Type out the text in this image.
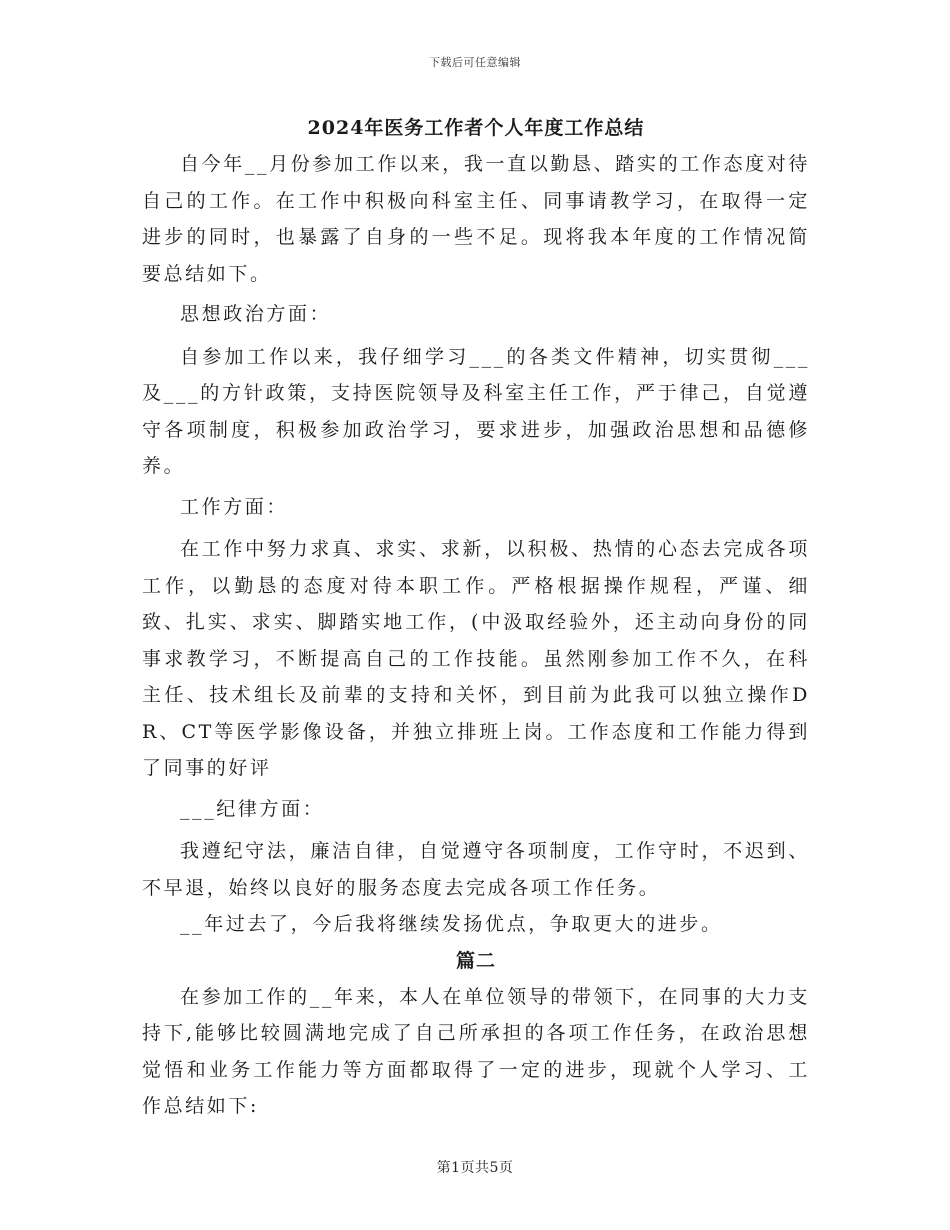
下载后可任意编辑
2024年医务工作者个人年度工作总结

自今年__月份参加工作以来，我一直以勤恳、踏实的工作态度对待自己的工作。在工作中积极向科室主任、同事请教学习，在取得一定进步的同时，也暴露了自身的一些不足。现将我本年度的工作情况简要总结如下。

思想政治方面：

自参加工作以来，我仔细学习___的各类文件精神，切实贯彻___及___的方针政策，支持医院领导及科室主任工作，严于律己，自觉遵守各项制度，积极参加政治学习，要求进步，加强政治思想和品德修养。

工作方面：

在工作中努力求真、求实、求新，以积极、热情的心态去完成各项工作，以勤恳的态度对待本职工作。严格根据操作规程，严谨、细致、扎实、求实、脚踏实地工作，(中汲取经验外，还主动向身份的同事求教学习，不断提高自己的工作技能。虽然刚参加工作不久，在科主任、技术组长及前辈的支持和关怀，到目前为此我可以独立操作DR、CT等医学影像设备，并独立排班上岗。工作态度和工作能力得到了同事的好评

___纪律方面：

我遵纪守法，廉洁自律，自觉遵守各项制度，工作守时，不迟到、不早退，始终以良好的服务态度去完成各项工作任务。

__年过去了，今后我将继续发扬优点，争取更大的进步。

篇二

在参加工作的__年来，本人在单位领导的带领下，在同事的大力支持下,能够比较圆满地完成了自己所承担的各项工作任务，在政治思想觉悟和业务工作能力等方面都取得了一定的进步，现就个人学习、工作总结如下:

第1页共5页
